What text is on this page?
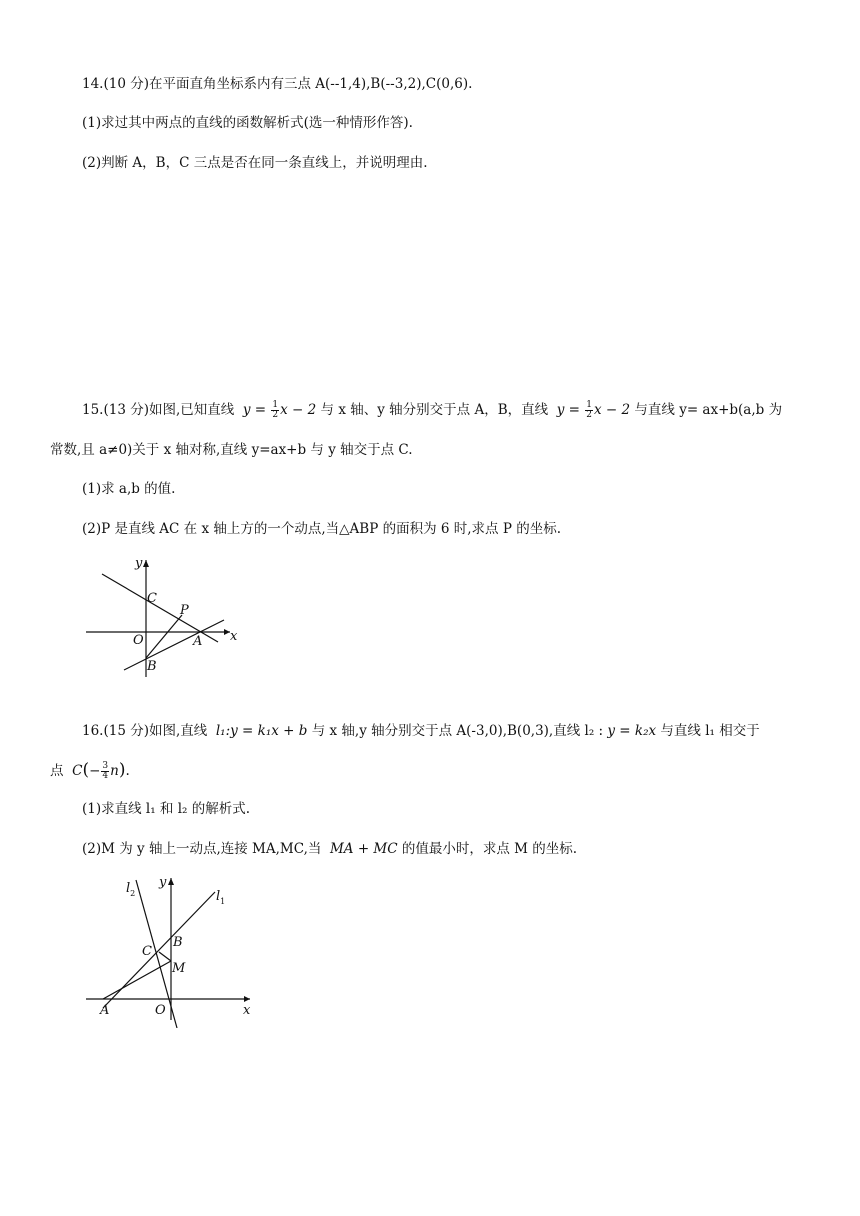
14.(10 分)在平面直角坐标系内有三点 A(--1,4),B(--3,2),C(0,6).
(1)求过其中两点的直线的函数解析式(选一种情形作答).
(2)判断 A，B，C 三点是否在同一条直线上，并说明理由.
15.(13 分)如图,已知直线 $y = \frac{1}{2}$ x − 2 与 x 轴、y 轴分别交于点 A，B，直线 $y = \frac{1}{2}$ x − 2 与直线 y= ax+b(a,b 为
常数,且 a≠0)关于 x 轴对称,直线 y=ax+b 与 y 轴交于点 C.
(1)求 a,b 的值.
(2)P 是直线 AC 在 x 轴上方的一个动点,当△ABP 的面积为 6 时,求点 P 的坐标.
y
x
C
P
O	A
B
16.(15 分)如图,直线 l₁:y = k₁x + b 与 x 轴,y 轴分别交于点 A(-3,0),B(0,3),直线 l₂ : y = k₂x 与直线 l₁ 相交于
点 $C(- \frac{3}{4} n)$.
(1)求直线 l₁ 和 l₂ 的解析式.
(2)M 为 y 轴上一动点,连接 MA,MC,当 MA + MC 的值最小时，求点 M 的坐标.
$l_2$	$l_1$
y
x
C
B
M
A	O
